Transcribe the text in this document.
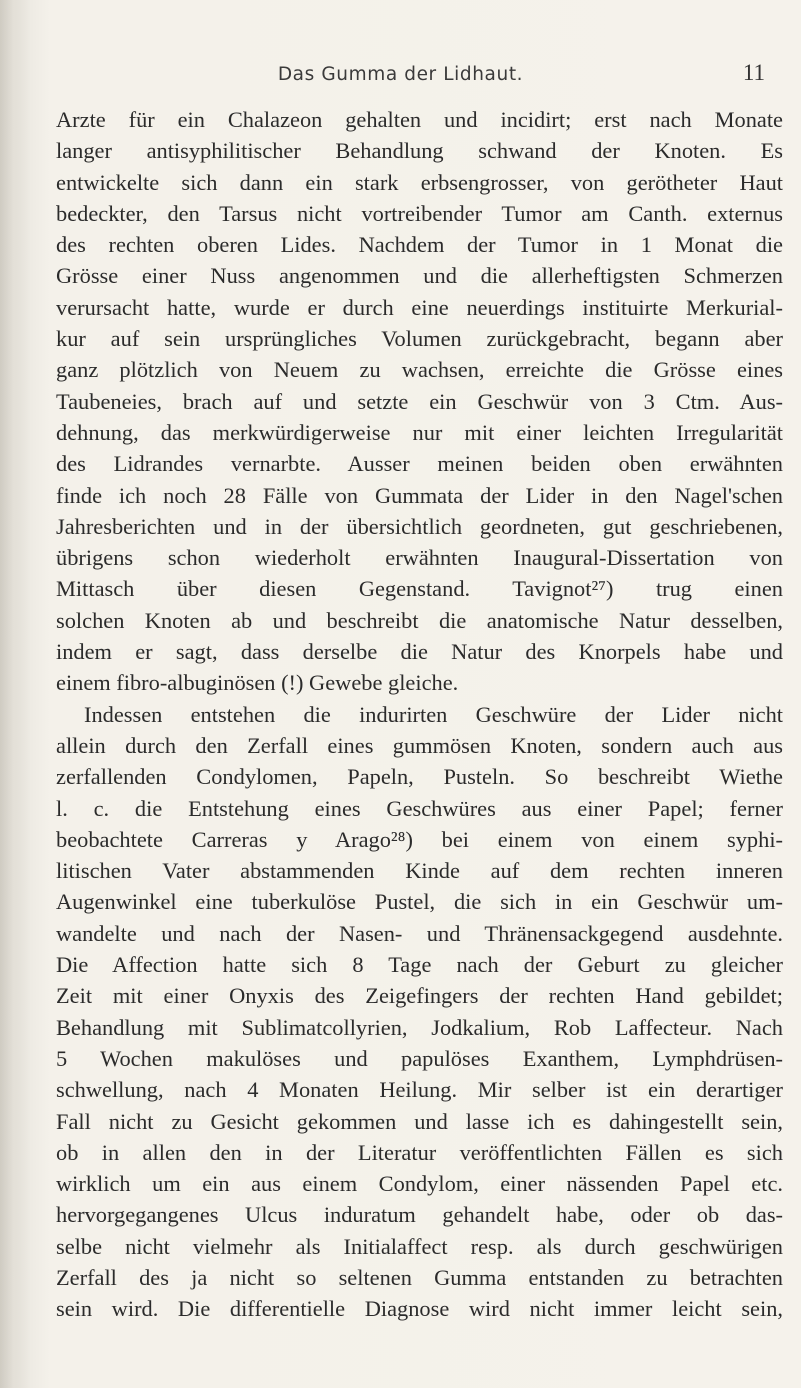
Das Gumma der Lidhaut.	11
Arzte für ein Chalazeon gehalten und incidirt; erst nach Monate
langer antisyphilitischer Behandlung schwand der Knoten. Es
entwickelte sich dann ein stark erbsengrosser, von gerötheter Haut
bedeckter, den Tarsus nicht vortreibender Tumor am Canth. externus
des rechten oberen Lides. Nachdem der Tumor in 1 Monat die
Grösse einer Nuss angenommen und die allerheftigsten Schmerzen
verursacht hatte, wurde er durch eine neuerdings instituirte Merkurial-
kur auf sein ursprüngliches Volumen zurückgebracht, begann aber
ganz plötzlich von Neuem zu wachsen, erreichte die Grösse eines
Taubeneies, brach auf und setzte ein Geschwür von 3 Ctm. Aus-
dehnung, das merkwürdigerweise nur mit einer leichten Irregularität
des Lidrandes vernarbte. Ausser meinen beiden oben erwähnten
finde ich noch 28 Fälle von Gummata der Lider in den Nagel'schen
Jahresberichten und in der übersichtlich geordneten, gut geschriebenen,
übrigens schon wiederholt erwähnten Inaugural-Dissertation von
Mittasch über diesen Gegenstand. Tavignot²⁷) trug einen
solchen Knoten ab und beschreibt die anatomische Natur desselben,
indem er sagt, dass derselbe die Natur des Knorpels habe und
einem fibro-albuginösen (!) Gewebe gleiche.
Indessen entstehen die indurirten Geschwüre der Lider nicht
allein durch den Zerfall eines gummösen Knoten, sondern auch aus
zerfallenden Condylomen, Papeln, Pusteln. So beschreibt Wiethe
l. c. die Entstehung eines Geschwüres aus einer Papel; ferner
beobachtete Carreras y Arago²⁸) bei einem von einem syphi-
litischen Vater abstammenden Kinde auf dem rechten inneren
Augenwinkel eine tuberkulöse Pustel, die sich in ein Geschwür um-
wandelte und nach der Nasen- und Thränensackgegend ausdehnte.
Die Affection hatte sich 8 Tage nach der Geburt zu gleicher
Zeit mit einer Onyxis des Zeigefingers der rechten Hand gebildet;
Behandlung mit Sublimatcollyrien, Jodkalium, Rob Laffecteur. Nach
5 Wochen makulöses und papulöses Exanthem, Lymphdrüsen-
schwellung, nach 4 Monaten Heilung. Mir selber ist ein derartiger
Fall nicht zu Gesicht gekommen und lasse ich es dahingestellt sein,
ob in allen den in der Literatur veröffentlichten Fällen es sich
wirklich um ein aus einem Condylom, einer nässenden Papel etc.
hervorgegangenes Ulcus induratum gehandelt habe, oder ob das-
selbe nicht vielmehr als Initialaffect resp. als durch geschwürigen
Zerfall des ja nicht so seltenen Gumma entstanden zu betrachten
sein wird. Die differentielle Diagnose wird nicht immer leicht sein,
